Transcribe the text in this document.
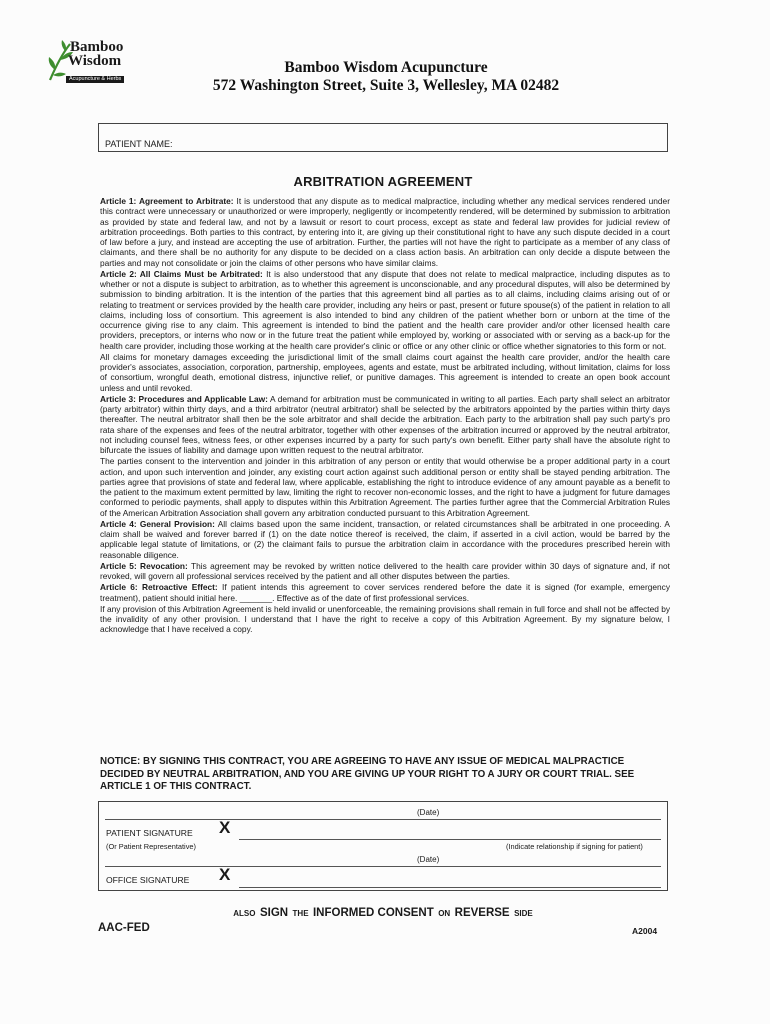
Bamboo
Wisdom
Acupuncture & Herbs
Bamboo Wisdom Acupuncture
572 Washington Street, Suite 3, Wellesley, MA 02482
PATIENT NAME:
ARBITRATION AGREEMENT

Article 1: Agreement to Arbitrate: It is understood that any dispute as to medical malpractice, including whether any medical services rendered under this contract were unnecessary or unauthorized or were improperly, negligently or incompetently rendered, will be determined by submission to arbitration as provided by state and federal law, and not by a lawsuit or resort to court process, except as state and federal law provides for judicial review of arbitration proceedings. Both parties to this contract, by entering into it, are giving up their constitutional right to have any such dispute decided in a court of law before a jury, and instead are accepting the use of arbitration. Further, the parties will not have the right to participate as a member of any class of claimants, and there shall be no authority for any dispute to be decided on a class action basis. An arbitration can only decide a dispute between the parties and may not consolidate or join the claims of other persons who have similar claims.

Article 2: All Claims Must be Arbitrated: It is also understood that any dispute that does not relate to medical malpractice, including disputes as to whether or not a dispute is subject to arbitration, as to whether this agreement is unconscionable, and any procedural disputes, will also be determined by submission to binding arbitration. It is the intention of the parties that this agreement bind all parties as to all claims, including claims arising out of or relating to treatment or services provided by the health care provider, including any heirs or past, present or future spouse(s) of the patient in relation to all claims, including loss of consortium. This agreement is also intended to bind any children of the patient whether born or unborn at the time of the occurrence giving rise to any claim. This agreement is intended to bind the patient and the health care provider and/or other licensed health care providers, preceptors, or interns who now or in the future treat the patient while employed by, working or associated with or serving as a back-up for the health care provider, including those working at the health care provider's clinic or office or any other clinic or office whether signatories to this form or not.

All claims for monetary damages exceeding the jurisdictional limit of the small claims court against the health care provider, and/or the health care provider's associates, association, corporation, partnership, employees, agents and estate, must be arbitrated including, without limitation, claims for loss of consortium, wrongful death, emotional distress, injunctive relief, or punitive damages. This agreement is intended to create an open book account unless and until revoked.

Article 3: Procedures and Applicable Law: A demand for arbitration must be communicated in writing to all parties. Each party shall select an arbitrator (party arbitrator) within thirty days, and a third arbitrator (neutral arbitrator) shall be selected by the arbitrators appointed by the parties within thirty days thereafter. The neutral arbitrator shall then be the sole arbitrator and shall decide the arbitration. Each party to the arbitration shall pay such party's pro rata share of the expenses and fees of the neutral arbitrator, together with other expenses of the arbitration incurred or approved by the neutral arbitrator, not including counsel fees, witness fees, or other expenses incurred by a party for such party's own benefit. Either party shall have the absolute right to bifurcate the issues of liability and damage upon written request to the neutral arbitrator.

The parties consent to the intervention and joinder in this arbitration of any person or entity that would otherwise be a proper additional party in a court action, and upon such intervention and joinder, any existing court action against such additional person or entity shall be stayed pending arbitration. The parties agree that provisions of state and federal law, where applicable, establishing the right to introduce evidence of any amount payable as a benefit to the patient to the maximum extent permitted by law, limiting the right to recover non-economic losses, and the right to have a judgment for future damages conformed to periodic payments, shall apply to disputes within this Arbitration Agreement. The parties further agree that the Commercial Arbitration Rules of the American Arbitration Association shall govern any arbitration conducted pursuant to this Arbitration Agreement.

Article 4: General Provision: All claims based upon the same incident, transaction, or related circumstances shall be arbitrated in one proceeding. A claim shall be waived and forever barred if (1) on the date notice thereof is received, the claim, if asserted in a civil action, would be barred by the applicable legal statute of limitations, or (2) the claimant fails to pursue the arbitration claim in accordance with the procedures prescribed herein with reasonable diligence.

Article 5: Revocation: This agreement may be revoked by written notice delivered to the health care provider within 30 days of signature and, if not revoked, will govern all professional services received by the patient and all other disputes between the parties.

Article 6: Retroactive Effect: If patient intends this agreement to cover services rendered before the date it is signed (for example, emergency treatment), patient should initial here. _______. Effective as of the date of first professional services.

If any provision of this Arbitration Agreement is held invalid or unenforceable, the remaining provisions shall remain in full force and shall not be affected by the invalidity of any other provision. I understand that I have the right to receive a copy of this Arbitration Agreement. By my signature below, I acknowledge that I have received a copy.

NOTICE: BY SIGNING THIS CONTRACT, YOU ARE AGREEING TO HAVE ANY ISSUE OF MEDICAL MALPRACTICE DECIDED BY NEUTRAL ARBITRATION, AND YOU ARE GIVING UP YOUR RIGHT TO A JURY OR COURT TRIAL. SEE ARTICLE 1 OF THIS CONTRACT.
(Date)
PATIENT SIGNATURE X
(Or Patient Representative)	(Indicate relationship if signing for patient)
(Date)
OFFICE SIGNATURE X
ALSO SIGN THE INFORMED CONSENT ON REVERSE SIDE
AAC-FED	A2004
